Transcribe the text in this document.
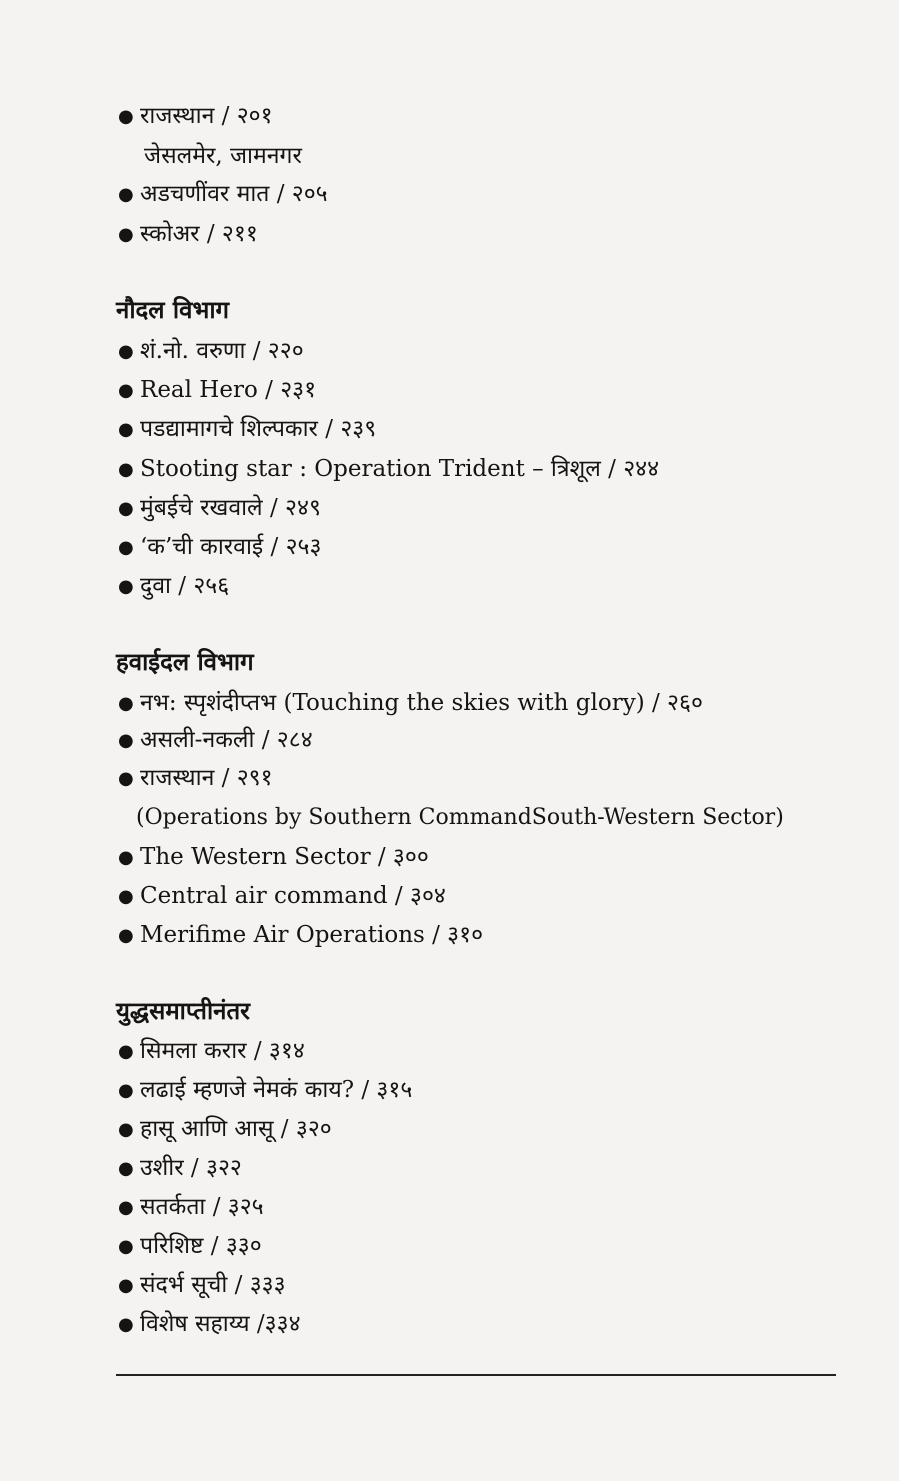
● राजस्थान / २०१
जेसलमेर, जामनगर
● अडचणींवर मात / २०५
● स्कोअर / २११
नौदल विभाग
● शं.नो. वरुणा / २२०
● Real Hero / २३१
● पडद्यामागचे शिल्पकार / २३९
● Stooting star : Operation Trident – त्रिशूल / २४४
● मुंबईचे रखवाले / २४९
● ‘क’ची कारवाई / २५३
● दुवा / २५६
हवाईदल विभाग
● नभ: स्पृशंदीप्तभ (Touching the skies with glory) / २६०
● असली-नकली / २८४
● राजस्थान / २९१
(Operations by Southern CommandSouth-Western Sector)
● The Western Sector / ३००
● Central air command / ३०४
● Merifime Air Operations / ३१०
युद्धसमाप्तीनंतर
● सिमला करार / ३१४
● लढाई म्हणजे नेमकं काय? / ३१५
● हासू आणि आसू / ३२०
● उशीर / ३२२
● सतर्कता / ३२५
● परिशिष्ट / ३३०
● संदर्भ सूची / ३३३
● विशेष सहाय्य /३३४
